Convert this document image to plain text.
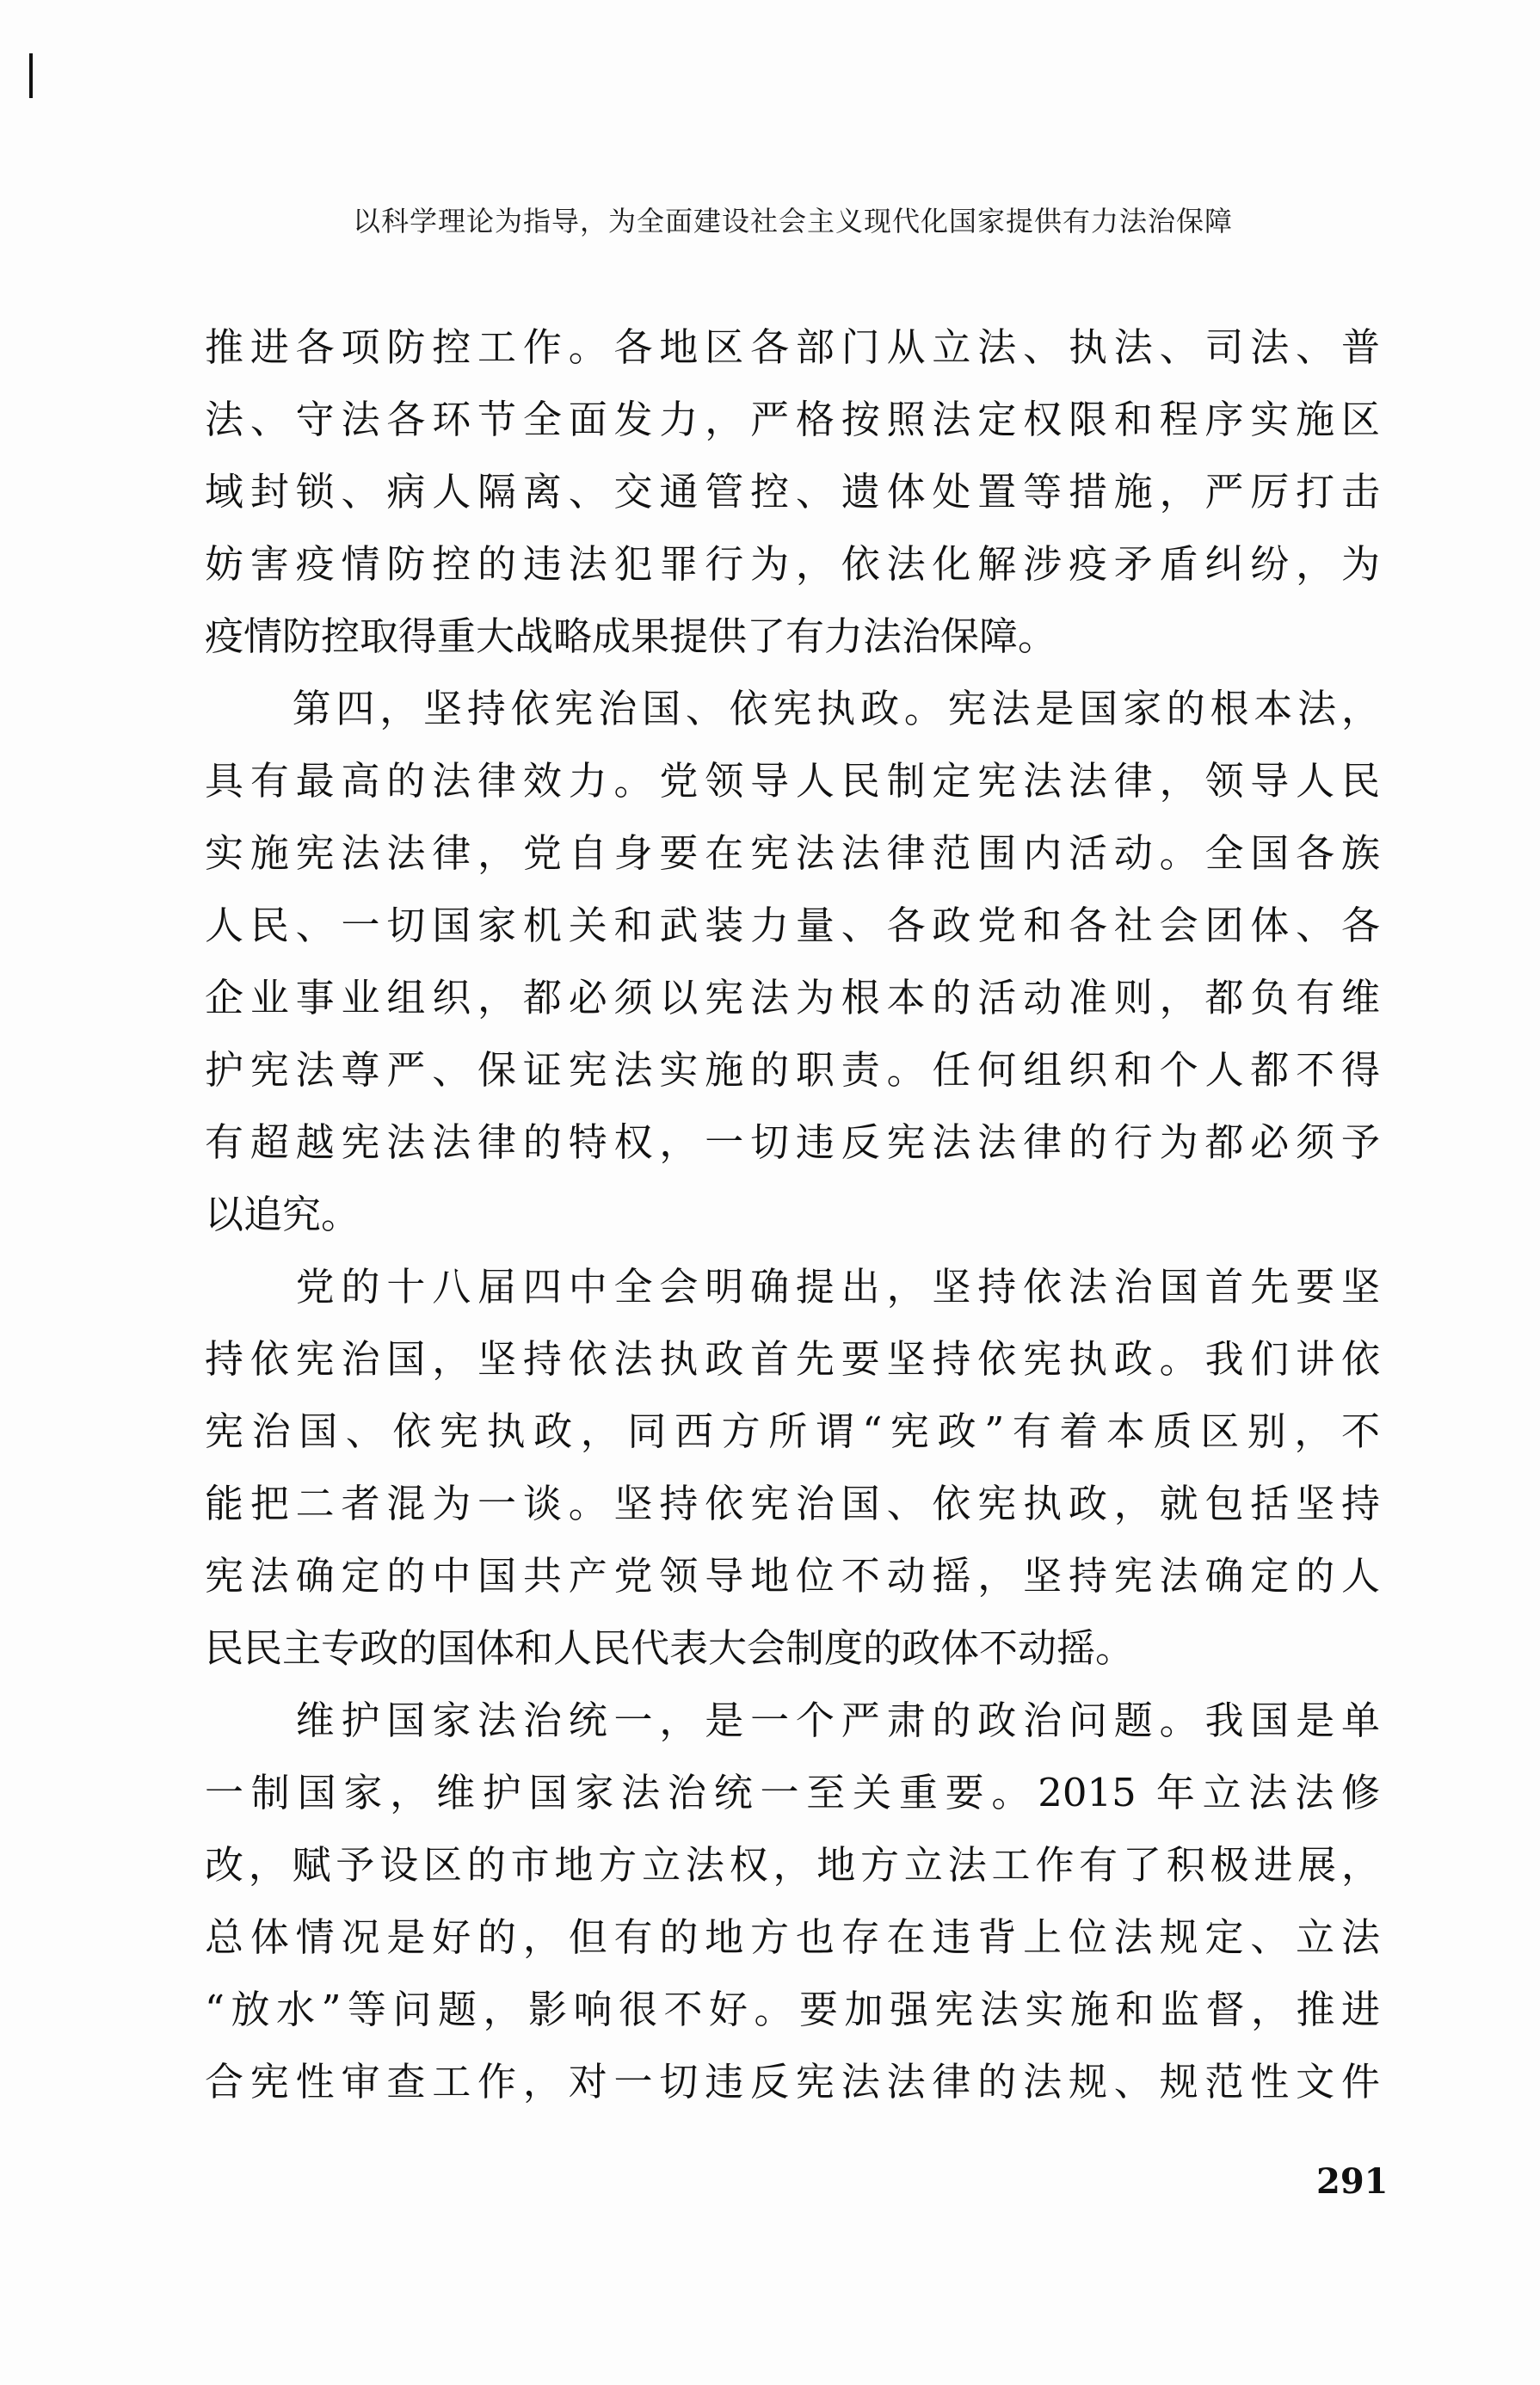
以科学理论为指导，为全面建设社会主义现代化国家提供有力法治保障
推进各项防控工作。各地区各部门从立法、执法、司法、普
法、守法各环节全面发力，严格按照法定权限和程序实施区
域封锁、病人隔离、交通管控、遗体处置等措施，严厉打击
妨害疫情防控的违法犯罪行为，依法化解涉疫矛盾纠纷，为
疫情防控取得重大战略成果提供了有力法治保障。
　　第四，坚持依宪治国、依宪执政。宪法是国家的根本法，
具有最高的法律效力。党领导人民制定宪法法律，领导人民
实施宪法法律，党自身要在宪法法律范围内活动。全国各族
人民、一切国家机关和武装力量、各政党和各社会团体、各
企业事业组织，都必须以宪法为根本的活动准则，都负有维
护宪法尊严、保证宪法实施的职责。任何组织和个人都不得
有超越宪法法律的特权，一切违反宪法法律的行为都必须予
以追究。
　　党的十八届四中全会明确提出，坚持依法治国首先要坚
持依宪治国，坚持依法执政首先要坚持依宪执政。我们讲依
宪治国、依宪执政，同西方所谓“宪政”有着本质区别，不
能把二者混为一谈。坚持依宪治国、依宪执政，就包括坚持
宪法确定的中国共产党领导地位不动摇，坚持宪法确定的人
民民主专政的国体和人民代表大会制度的政体不动摇。
　　维护国家法治统一，是一个严肃的政治问题。我国是单
一制国家，维护国家法治统一至关重要。2015 年立法法修
改，赋予设区的市地方立法权，地方立法工作有了积极进展，
总体情况是好的，但有的地方也存在违背上位法规定、立法
“放水”等问题，影响很不好。要加强宪法实施和监督，推进
合宪性审查工作，对一切违反宪法法律的法规、规范性文件
291
